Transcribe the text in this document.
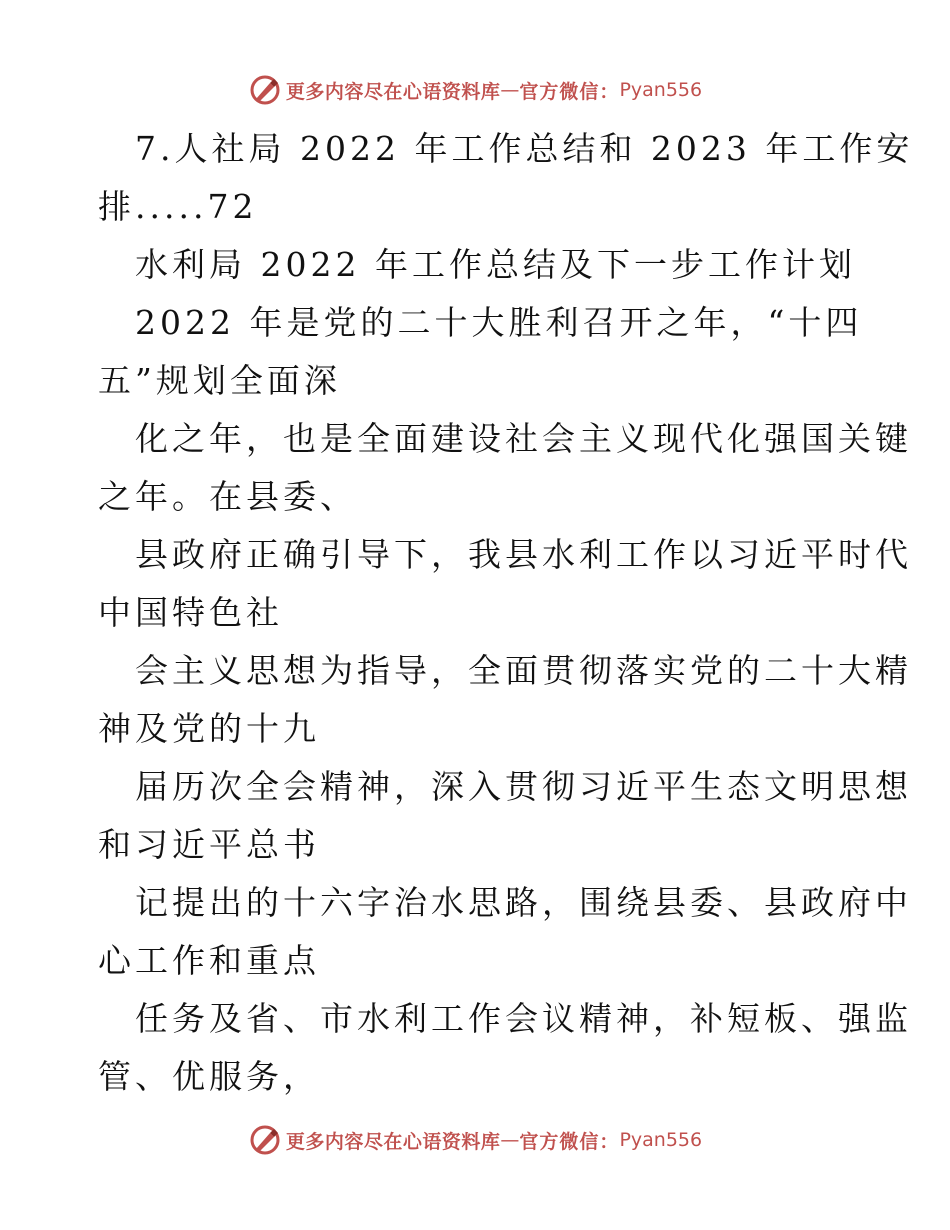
更多内容尽在心语资料库 — 官方微信： Pyan556
7.人社局 2022 年工作总结和 2023 年工作安
排.....72
水利局 2022 年工作总结及下一步工作计划
2022 年是党的二十大胜利召开之年，“十四
五”规划全面深
化之年，也是全面建设社会主义现代化强国关键
之年。在县委、
县政府正确引导下，我县水利工作以习近平时代
中国特色社
会主义思想为指导，全面贯彻落实党的二十大精
神及党的十九
届历次全会精神，深入贯彻习近平生态文明思想
和习近平总书
记提出的十六字治水思路，围绕县委、县政府中
心工作和重点
任务及省、市水利工作会议精神，补短板、强监
管、优服务，
更多内容尽在心语资料库 — 官方微信： Pyan556
